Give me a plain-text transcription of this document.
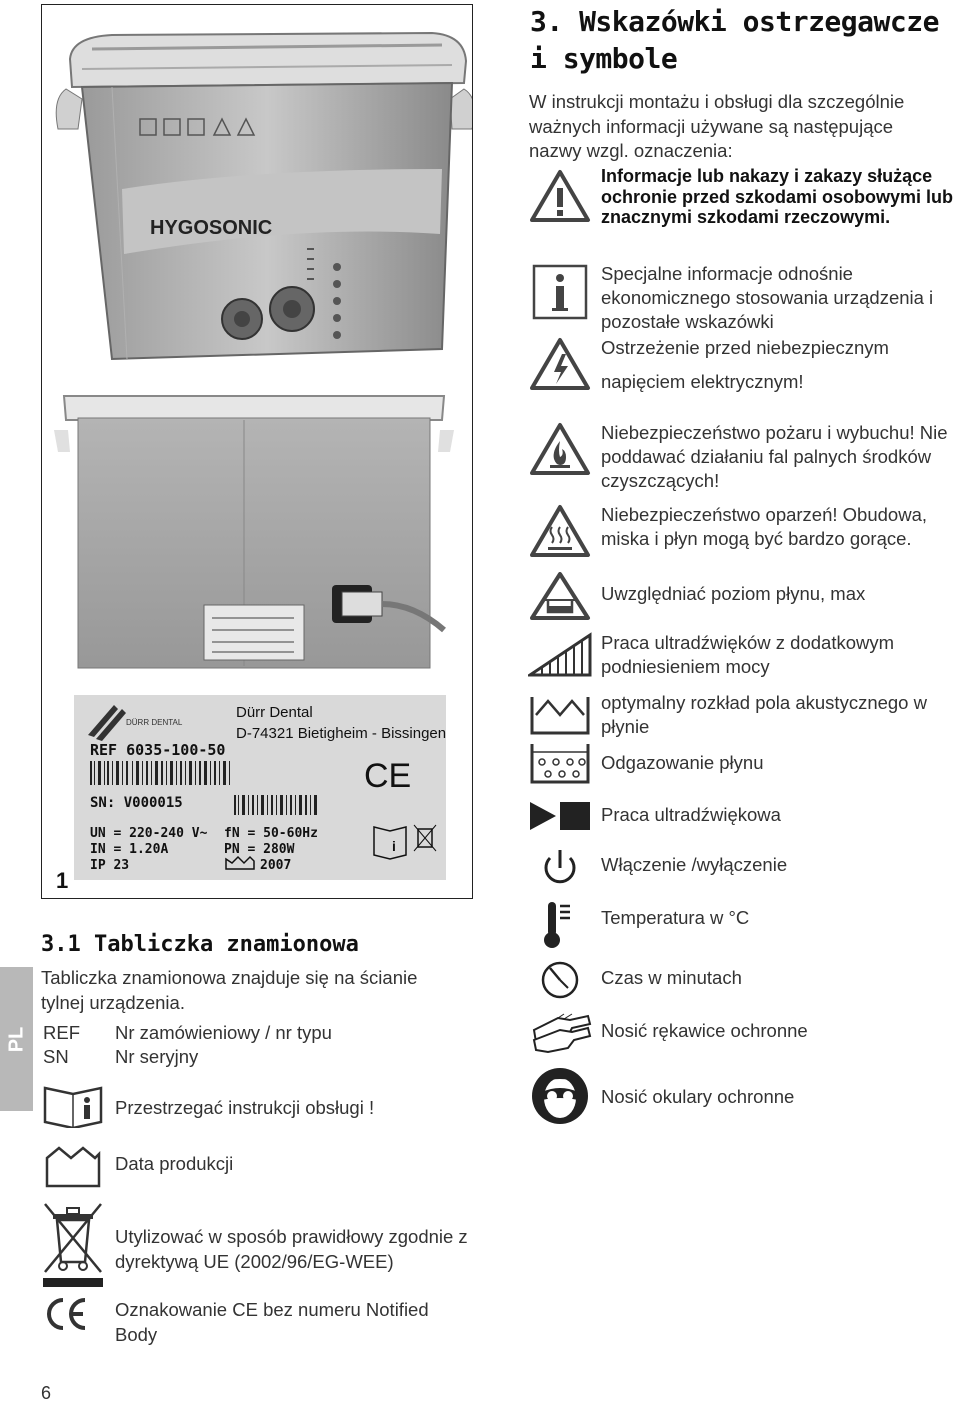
HYGOSONIC
DÜRR DENTAL
Dürr Dental
D-74321 Bietigheim - Bissingen
REF 6035-100-50
CE
SN: V000015
UN = 220-240 V~
IN = 1.20A
IP 23
fN = 50-60Hz
PN = 280W
2007
i
1
3. Wskazówki ostrzegawcze i symbole
W instrukcji montażu i obsługi dla szczególnie ważnych informacji używane są następujące nazwy wzgl. oznaczenia:
Informacje lub nakazy i zakazy służące ochronie przed szkodami osobowymi lub znacznymi szkodami rzeczowymi.
Specjalne informacje odnośnie ekonomicznego stosowania urządzenia i pozostałe wskazówki
Ostrzeżenie przed niebezpiecznym
napięciem elektrycznym!
Niebezpieczeństwo pożaru i wybuchu! Nie poddawać działaniu fal palnych środków czyszczących!
Niebezpieczeństwo oparzeń! Obudowa, miska i płyn mogą być bardzo gorące.
Uwzględniać poziom płynu, max
Praca ultradźwięków z dodatkowym podniesieniem mocy
optymalny rozkład pola akustycznego w płynie
Odgazowanie płynu
Praca ultradźwiękowa
Włączenie /wyłączenie
Temperatura w °C
Czas w minutach
Nosić rękawice ochronne
Nosić okulary ochronne
3.1 Tabliczka znamionowa
Tabliczka znamionowa znajduje się na ścianie tylnej urządzenia.
REF Nr zamówieniowy / nr typu
SN	Nr seryjny
Przestrzegać instrukcji obsługi !
Data produkcji
Utylizować w sposób prawidłowy zgodnie z dyrektywą UE (2002/96/EG-WEE)
Oznakowanie CE bez numeru Notified Body
PL
6
